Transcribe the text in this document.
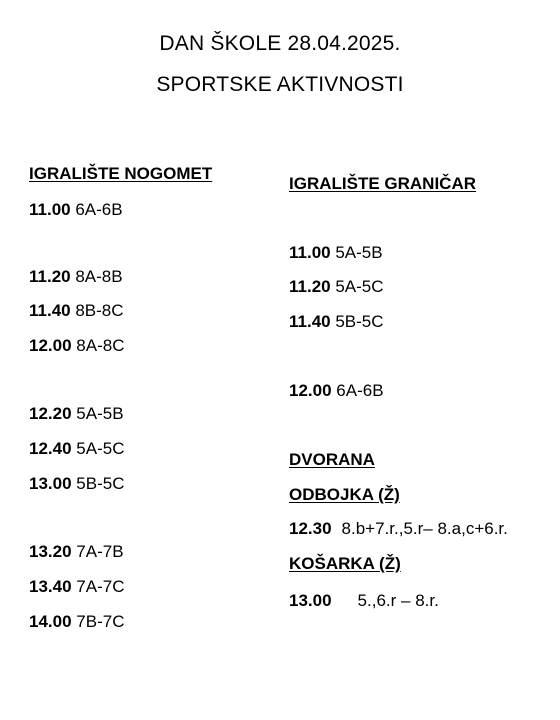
DAN ŠKOLE 28.04.2025.
SPORTSKE AKTIVNOSTI
IGRALIŠTE NOGOMET
11.00 6A-6B
11.20 8A-8B
11.40 8B-8C
12.00 8A-8C
12.20 5A-5B
12.40 5A-5C
13.00 5B-5C
13.20 7A-7B
13.40 7A-7C
14.00 7B-7C
IGRALIŠTE GRANIČAR
11.00 5A-5B
11.20 5A-5C
11.40 5B-5C
12.00 6A-6B
DVORANA
ODBOJKA (Ž)
12.30 8.b+7.r.,5.r– 8.a,c+6.r.
KOŠARKA (Ž)
13.00 5.,6.r – 8.r.
